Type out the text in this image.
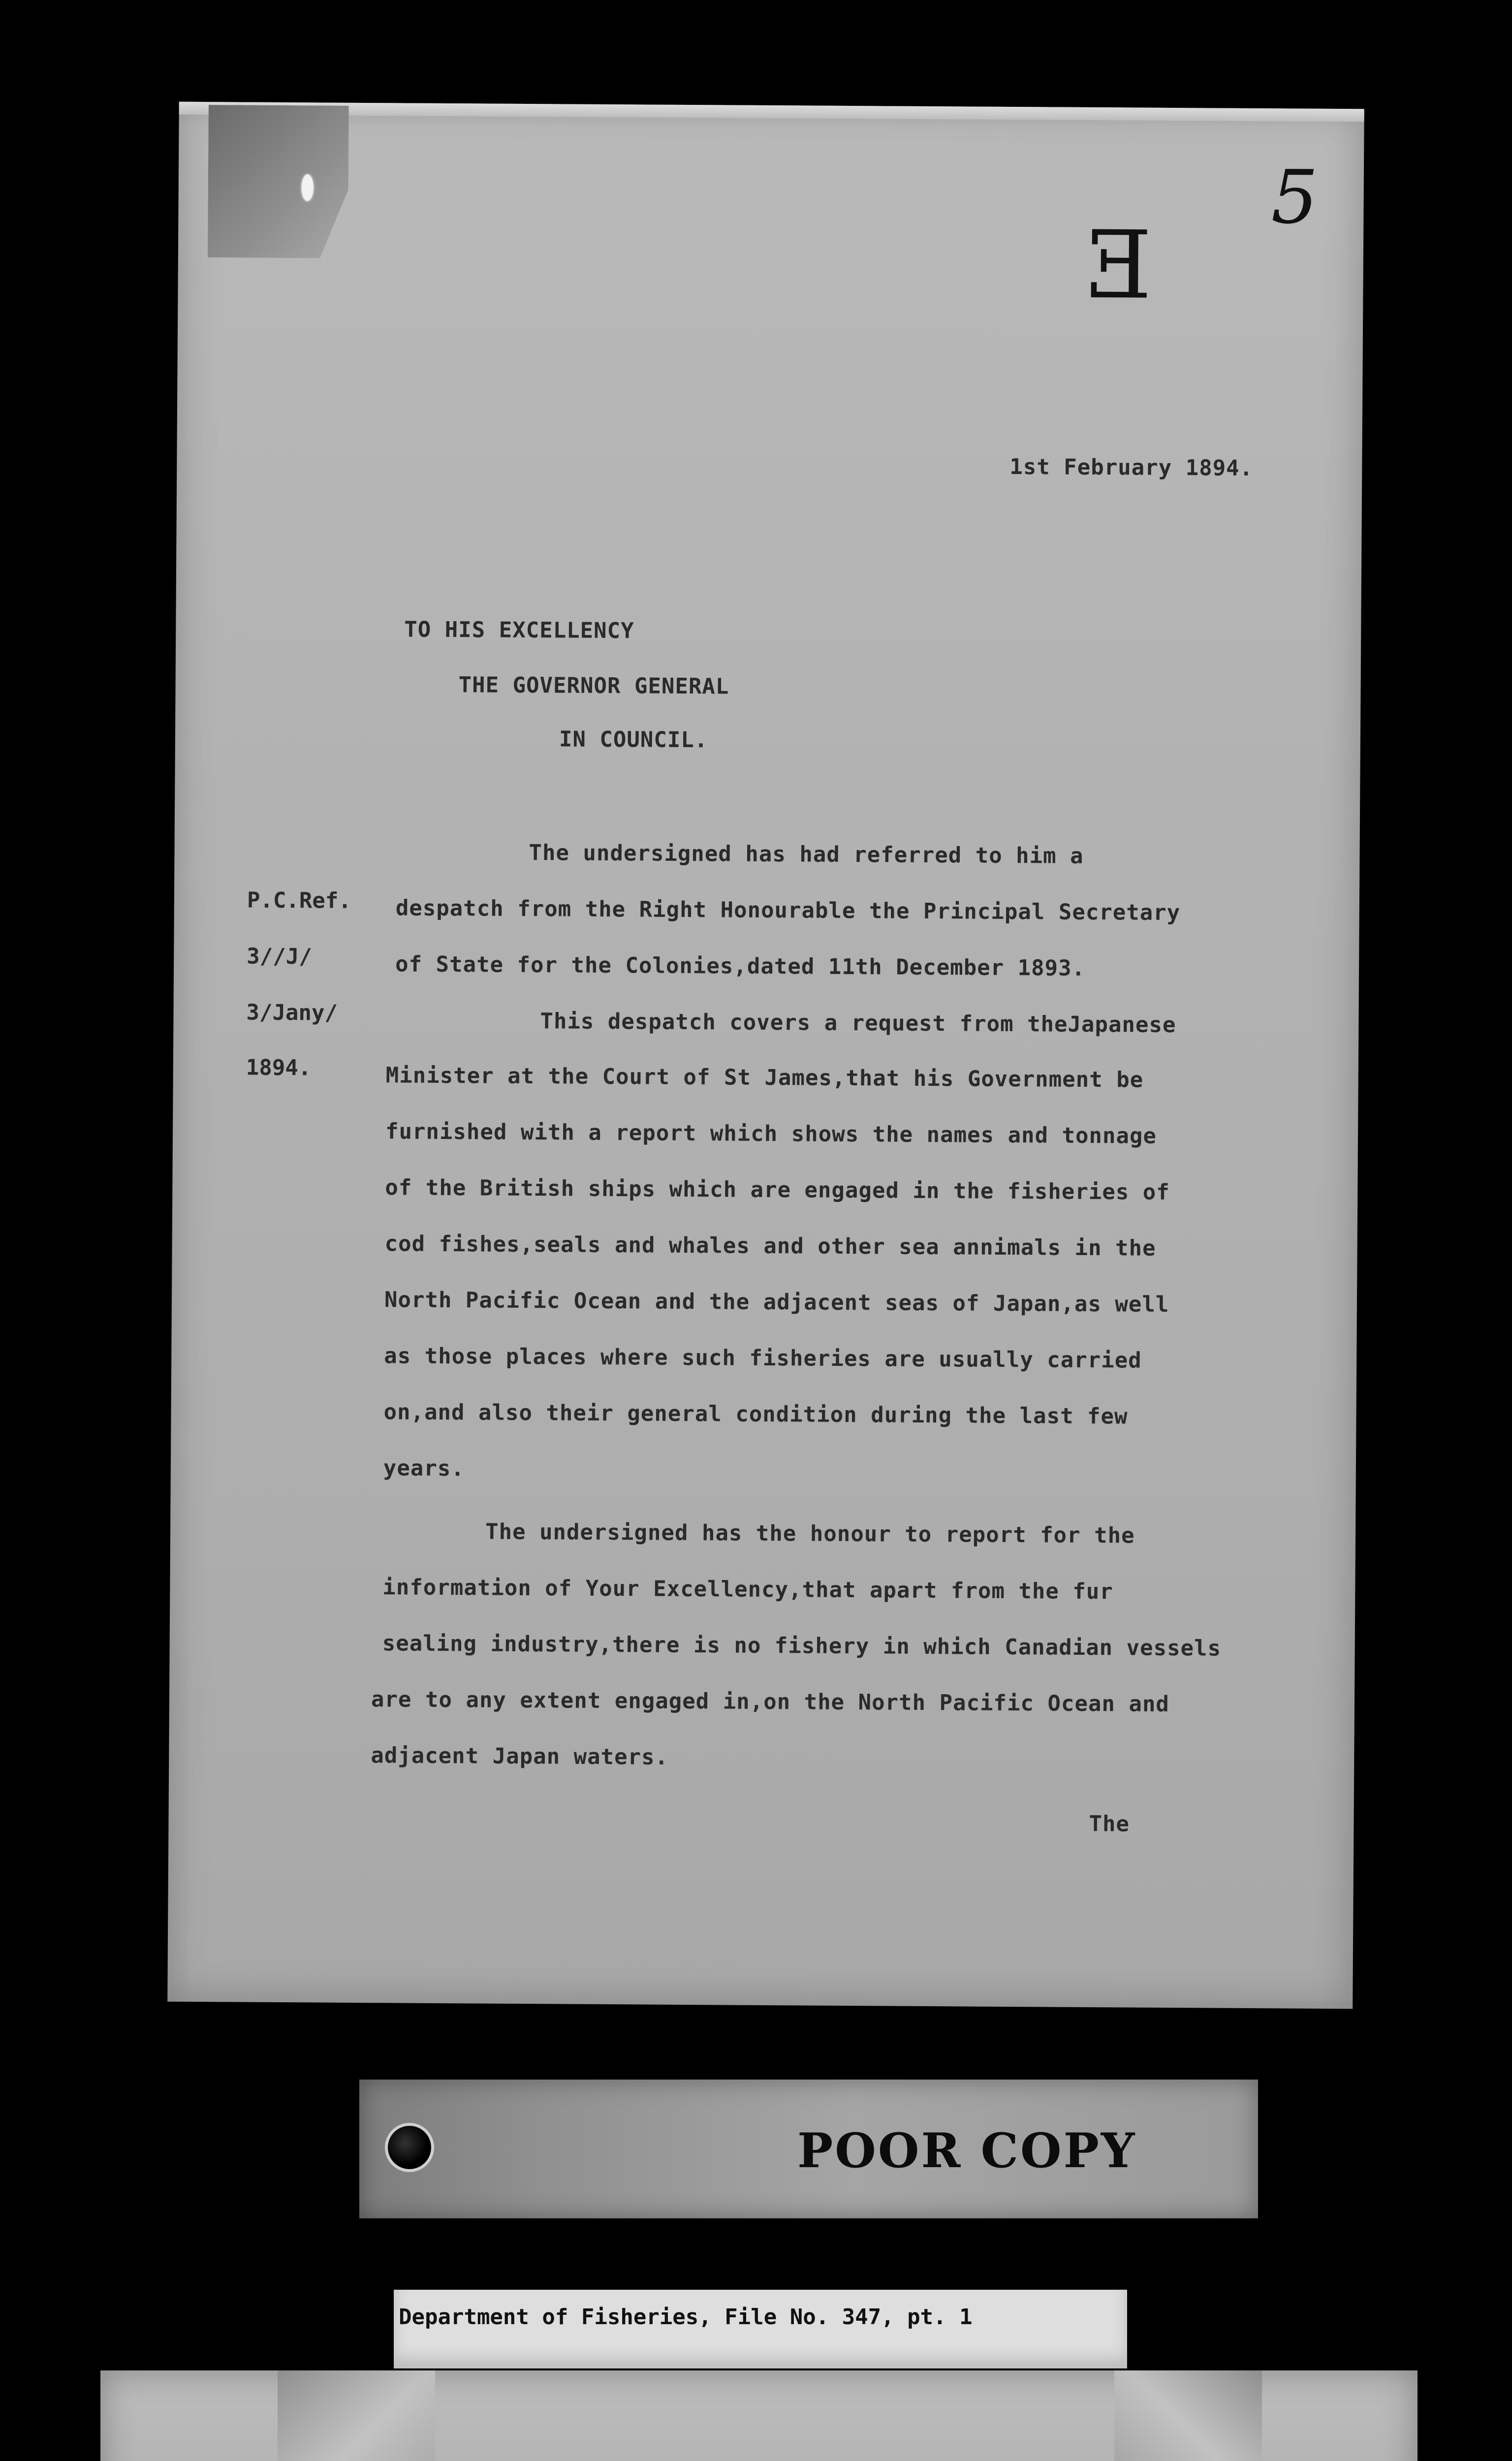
5
E
1st February 1894.
TO HIS EXCELLENCY
THE GOVERNOR GENERAL
IN COUNCIL.
P.C.Ref.
3//J/
3/Jany/
1894.
The undersigned has had referred to him a
despatch from the Right Honourable the Principal Secretary
of State for the Colonies,dated 11th December 1893.
This despatch covers a request from theJapanese
Minister at the Court of St James,that his Government be
furnished with a report which shows the names and tonnage
of the British ships which are engaged in the fisheries of
cod fishes,seals and whales and other sea annimals in the
North Pacific Ocean and the adjacent seas of Japan,as well
as those places where such fisheries are usually carried
on,and also their general condition during the last few
years.
The undersigned has the honour to report for the
information of Your Excellency,that apart from the fur
sealing industry,there is no fishery in which Canadian vessels
are to any extent engaged in,on the North Pacific Ocean and
adjacent Japan waters.
The
POOR COPY
Department of Fisheries, File No. 347, pt. 1
